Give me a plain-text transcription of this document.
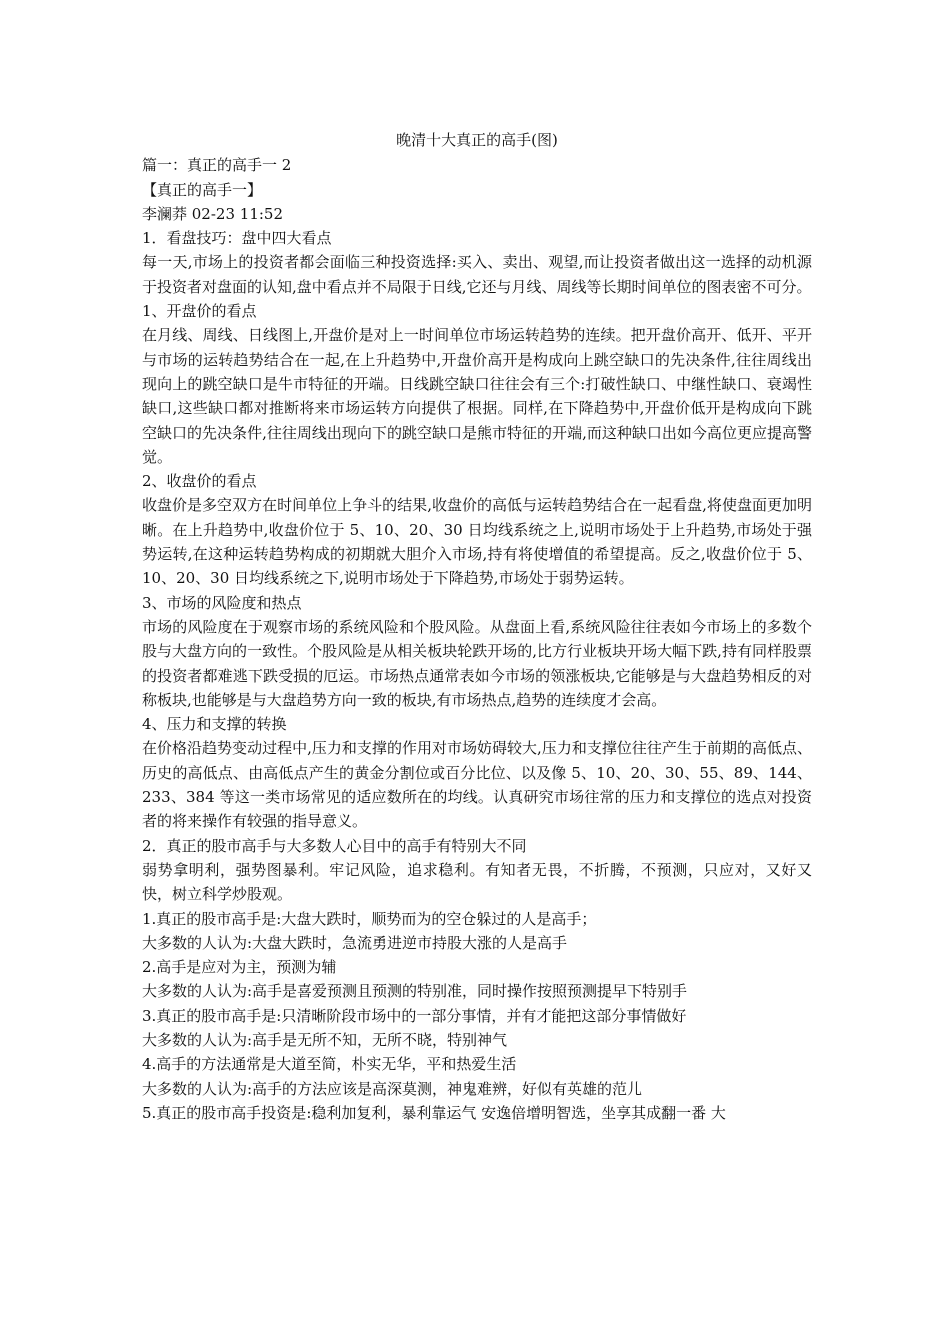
晚清十大真正的高手(图)
篇一：真正的高手一 2
【真正的高手一】
李澜莽 02-23 11:52
1．看盘技巧：盘中四大看点
每一天,市场上的投资者都会面临三种投资选择:买入、卖出、观望,而让投资者做出这一选择的动机源于投资者对盘面的认知,盘中看点并不局限于日线,它还与月线、周线等长期时间单位的图表密不可分。
1、开盘价的看点
在月线、周线、日线图上,开盘价是对上一时间单位市场运转趋势的连续。把开盘价高开、低开、平开与市场的运转趋势结合在一起,在上升趋势中,开盘价高开是构成向上跳空缺口的先决条件,往往周线出现向上的跳空缺口是牛市特征的开端。日线跳空缺口往往会有三个:打破性缺口、中继性缺口、衰竭性缺口,这些缺口都对推断将来市场运转方向提供了根据。同样,在下降趋势中,开盘价低开是构成向下跳空缺口的先决条件,往往周线出现向下的跳空缺口是熊市特征的开端,而这种缺口出如今高位更应提高警觉。
2、收盘价的看点
收盘价是多空双方在时间单位上争斗的结果,收盘价的高低与运转趋势结合在一起看盘,将使盘面更加明晰。在上升趋势中,收盘价位于 5、10、20、30 日均线系统之上,说明市场处于上升趋势,市场处于强势运转,在这种运转趋势构成的初期就大胆介入市场,持有将使增值的希望提高。反之,收盘价位于 5、 10、20、30 日均线系统之下,说明市场处于下降趋势,市场处于弱势运转。
3、市场的风险度和热点
市场的风险度在于观察市场的系统风险和个股风险。从盘面上看,系统风险往往表如今市场上的多数个股与大盘方向的一致性。个股风险是从相关板块轮跌开场的,比方行业板块开场大幅下跌,持有同样股票的投资者都难逃下跌受损的厄运。市场热点通常表如今市场的领涨板块,它能够是与大盘趋势相反的对称板块,也能够是与大盘趋势方向一致的板块,有市场热点,趋势的连续度才会高。
4、压力和支撑的转换
在价格沿趋势变动过程中,压力和支撑的作用对市场妨碍较大,压力和支撑位往往产生于前期的高低点、历史的高低点、由高低点产生的黄金分割位或百分比位、以及像 5、10、20、30、55、89、144、233、384 等这一类市场常见的适应数所在的均线。认真研究市场往常的压力和支撑位的选点对投资者的将来操作有较强的指导意义。
2．真正的股市高手与大多数人心目中的高手有特别大不同
弱势拿明利，强势图暴利。牢记风险，追求稳利。有知者无畏，不折腾，不预测，只应对，又好又快，树立科学炒股观。
1.真正的股市高手是:大盘大跌时，顺势而为的空仓躲过的人是高手；
大多数的人认为:大盘大跌时，急流勇进逆市持股大涨的人是高手
2.高手是应对为主，预测为辅
大多数的人认为:高手是喜爱预测且预测的特别准，同时操作按照预测提早下特别手
3.真正的股市高手是:只清晰阶段市场中的一部分事情，并有才能把这部分事情做好
大多数的人认为:高手是无所不知，无所不晓，特别神气
4.高手的方法通常是大道至简，朴实无华，平和热爱生活
大多数的人认为:高手的方法应该是高深莫测，神鬼难辨，好似有英雄的范儿
5.真正的股市高手投资是:稳利加复利，暴利靠运气 安逸倍增明智选，坐享其成翻一番 大
